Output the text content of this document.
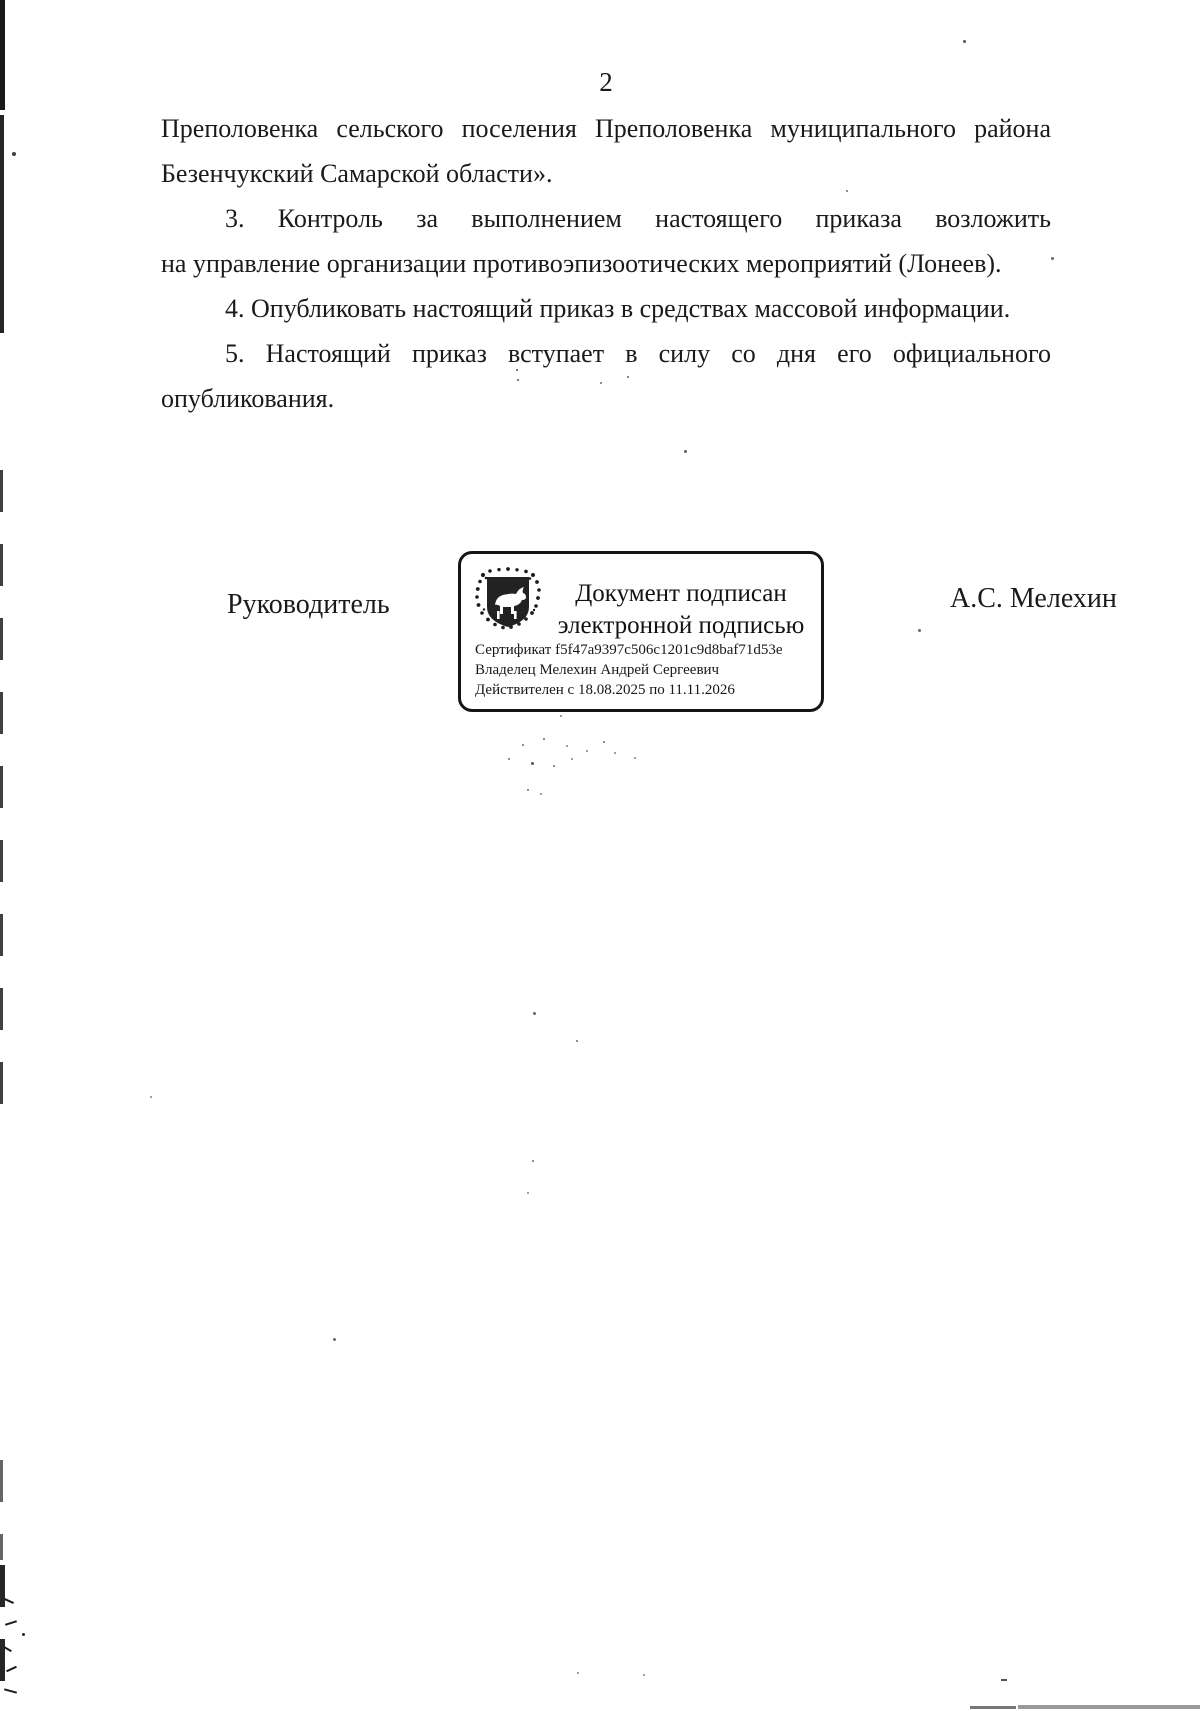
2
Преполовенка сельского поселения Преполовенка муниципального района
Безенчукский Самарской области».
3. Контроль за выполнением настоящего приказа возложить
на управление организации противоэпизоотических мероприятий (Лонеев).
4. Опубликовать настоящий приказ в средствах массовой информации.
5. Настоящий приказ вступает в силу со дня его официального
опубликования.
Руководитель	Документ подписан
электронной подписью
Сертификат f5f47a9397c506c1201c9d8baf71d53e
Владелец Мелехин Андрей Сергеевич
Действителен с 18.08.2025 по 11.11.2026
А.С. Мелехин
